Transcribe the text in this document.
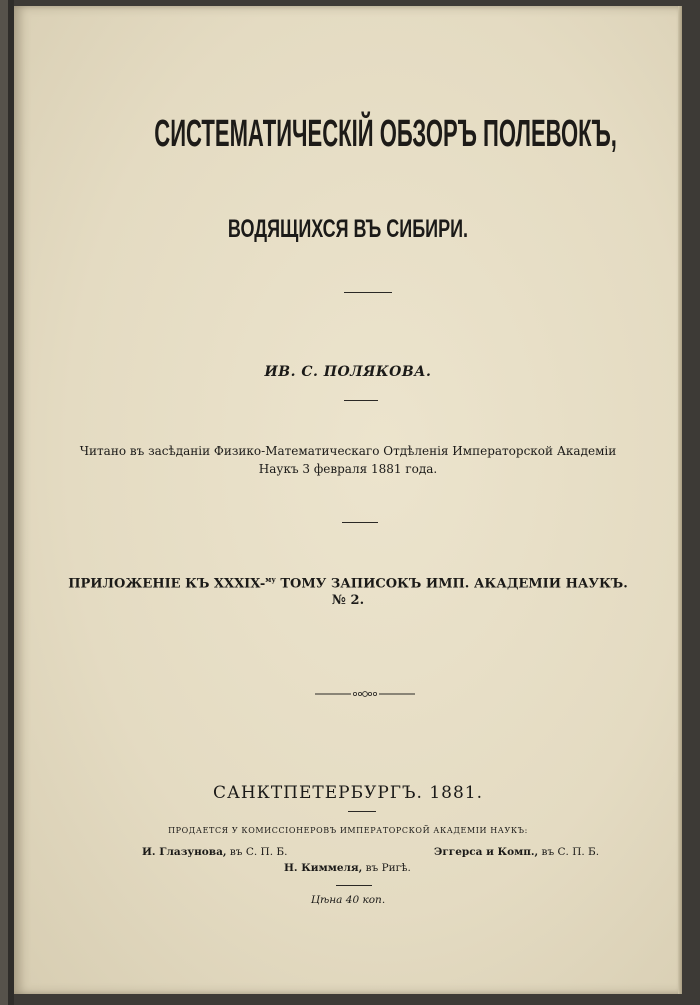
СИСТЕМАТИЧЕСКІЙ ОБЗОРЪ ПОЛЕВОКЪ,
ВОДЯЩИХСЯ ВЪ СИБИРИ.
ИВ. С. ПОЛЯКОВА.
Читано въ засѣданіи Физико-Математическаго Отдѣленія Императорской Академіи Наукъ 3 февраля 1881 года.
ПРИЛОЖЕНІЕ КЪ XXXIX-$^{му}$ ТОМУ ЗАПИСОКЪ ИМП. АКАДЕМІИ НАУКЪ.
№ 2.
САНКТПЕТЕРБУРГЪ. 1881.
ПРОДАЕТСЯ У КОМИССІОНЕРОВЪ ИМПЕРАТОРСКОЙ АКАДЕМІИ НАУКЪ:
И. Глазунова, въ С. П. Б.	Эггерса и Комп., въ С. П. Б.
Н. Киммеля, въ Ригѣ.
Цѣна 40 коп.
